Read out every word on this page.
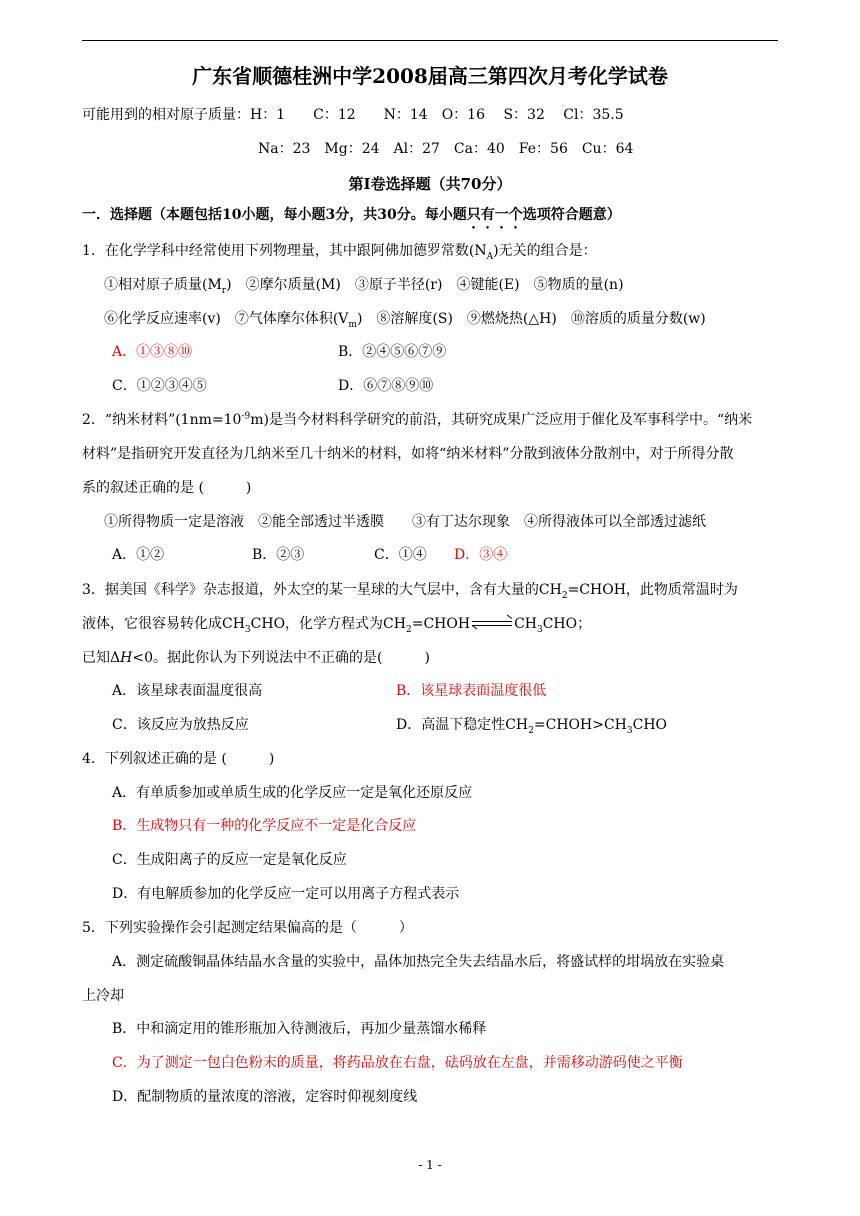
广东省顺德桂洲中学2008届高三第四次月考化学试卷
可能用到的相对原子质量：H：1　　C：12　　N：14　O：16　 S：32　 Cl：35.5
Na：23　Mg：24　Al：27　Ca：40　Fe：56　Cu：64
第Ⅰ卷选择题（共70分）
一．选择题（本题包括10小题，每小题3分，共30分。每小题只有一个选项符合题意）
1．在化学学科中经常使用下列物理量，其中跟阿佛加德罗常数$(N_A)$无关的组合是：
①相对原子质量$(M_r)$　②摩尔质量(M)　③原子半径(r)　④键能(E)　⑤物质的量(n)
⑥化学反应速率(v)　⑦气体摩尔体积$(V_m)$　⑧溶解度(S)　⑨燃烧热(△H)　⑩溶质的质量分数(w)
A．①③⑧⑩	B．②④⑤⑥⑦⑨
C．①②③④⑤	D．⑥⑦⑧⑨⑩
2．“纳米材料$”(1nm=10^{-9}m)$是当今材料科学研究的前沿，其研究成果广泛应用于催化及军事科学中。“纳米
材料”是指研究开发直径为几纳米至几十纳米的材料，如将“纳米材料”分散到液体分散剂中，对于所得分散
系的叙述正确的是 (　　　)
①所得物质一定是溶液　②能全部透过半透膜　　③有丁达尔现象　④所得液体可以全部透过滤纸
A．①②	B．②③	C．①④ D．③④
3．据美国《科学》杂志报道，外太空的某一星球的大气层中，含有大量的$CH_2=CHOH$，此物质常温时为
液体，它很容易转化成$CH_3CHO$，化学方程式为$CH_2=CHOH$	$CH_3CHO$；
已知ΔH<0。据此你认为下列说法中不正确的是(　　　)
A．该星球表面温度很高	B．该星球表面温度很低
C．该反应为放热反应	D．高温下稳定性$CH_2=CHOH>CH_3CHO$
4．下列叙述正确的是 (　　　)
A．有单质参加或单质生成的化学反应一定是氧化还原反应
B．生成物只有一种的化学反应不一定是化合反应
C．生成阳离子的反应一定是氧化反应
D．有电解质参加的化学反应一定可以用离子方程式表示
5．下列实验操作会引起测定结果偏高的是（　　　）
A．测定硫酸铜晶体结晶水含量的实验中，晶体加热完全失去结晶水后，将盛试样的坩埚放在实验桌
上冷却
B．中和滴定用的锥形瓶加入待测液后，再加少量蒸馏水稀释
C．为了测定一包白色粉末的质量，将药品放在右盘，砝码放在左盘，并需移动游码使之平衡
D．配制物质的量浓度的溶液，定容时仰视刻度线
- 1 -
